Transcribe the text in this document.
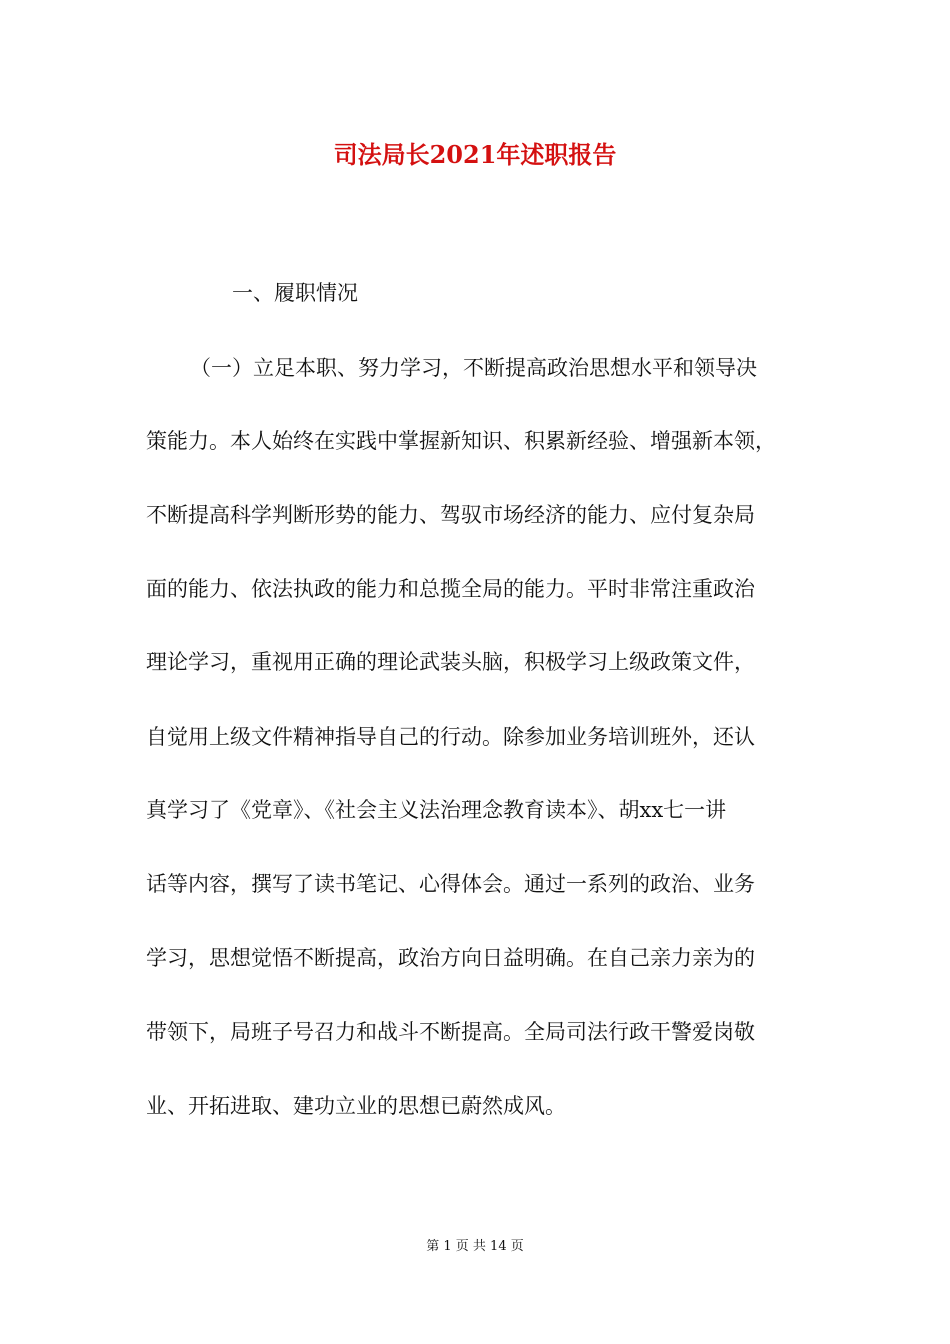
司法局长2021年述职报告
一、履职情况
（一）立足本职、努力学习，不断提高政治思想水平和领导决
策能力。本人始终在实践中掌握新知识、积累新经验、增强新本领，
不断提高科学判断形势的能力、驾驭市场经济的能力、应付复杂局
面的能力、依法执政的能力和总揽全局的能力。平时非常注重政治
理论学习，重视用正确的理论武装头脑，积极学习上级政策文件，
自觉用上级文件精神指导自己的行动。除参加业务培训班外，还认
真学习了《党章》、《社会主义法治理念教育读本》、胡xx七一讲
话等内容，撰写了读书笔记、心得体会。通过一系列的政治、业务
学习，思想觉悟不断提高，政治方向日益明确。在自己亲力亲为的
带领下，局班子号召力和战斗不断提高。全局司法行政干警爱岗敬
业、开拓进取、建功立业的思想已蔚然成风。
第 1 页 共 14 页
